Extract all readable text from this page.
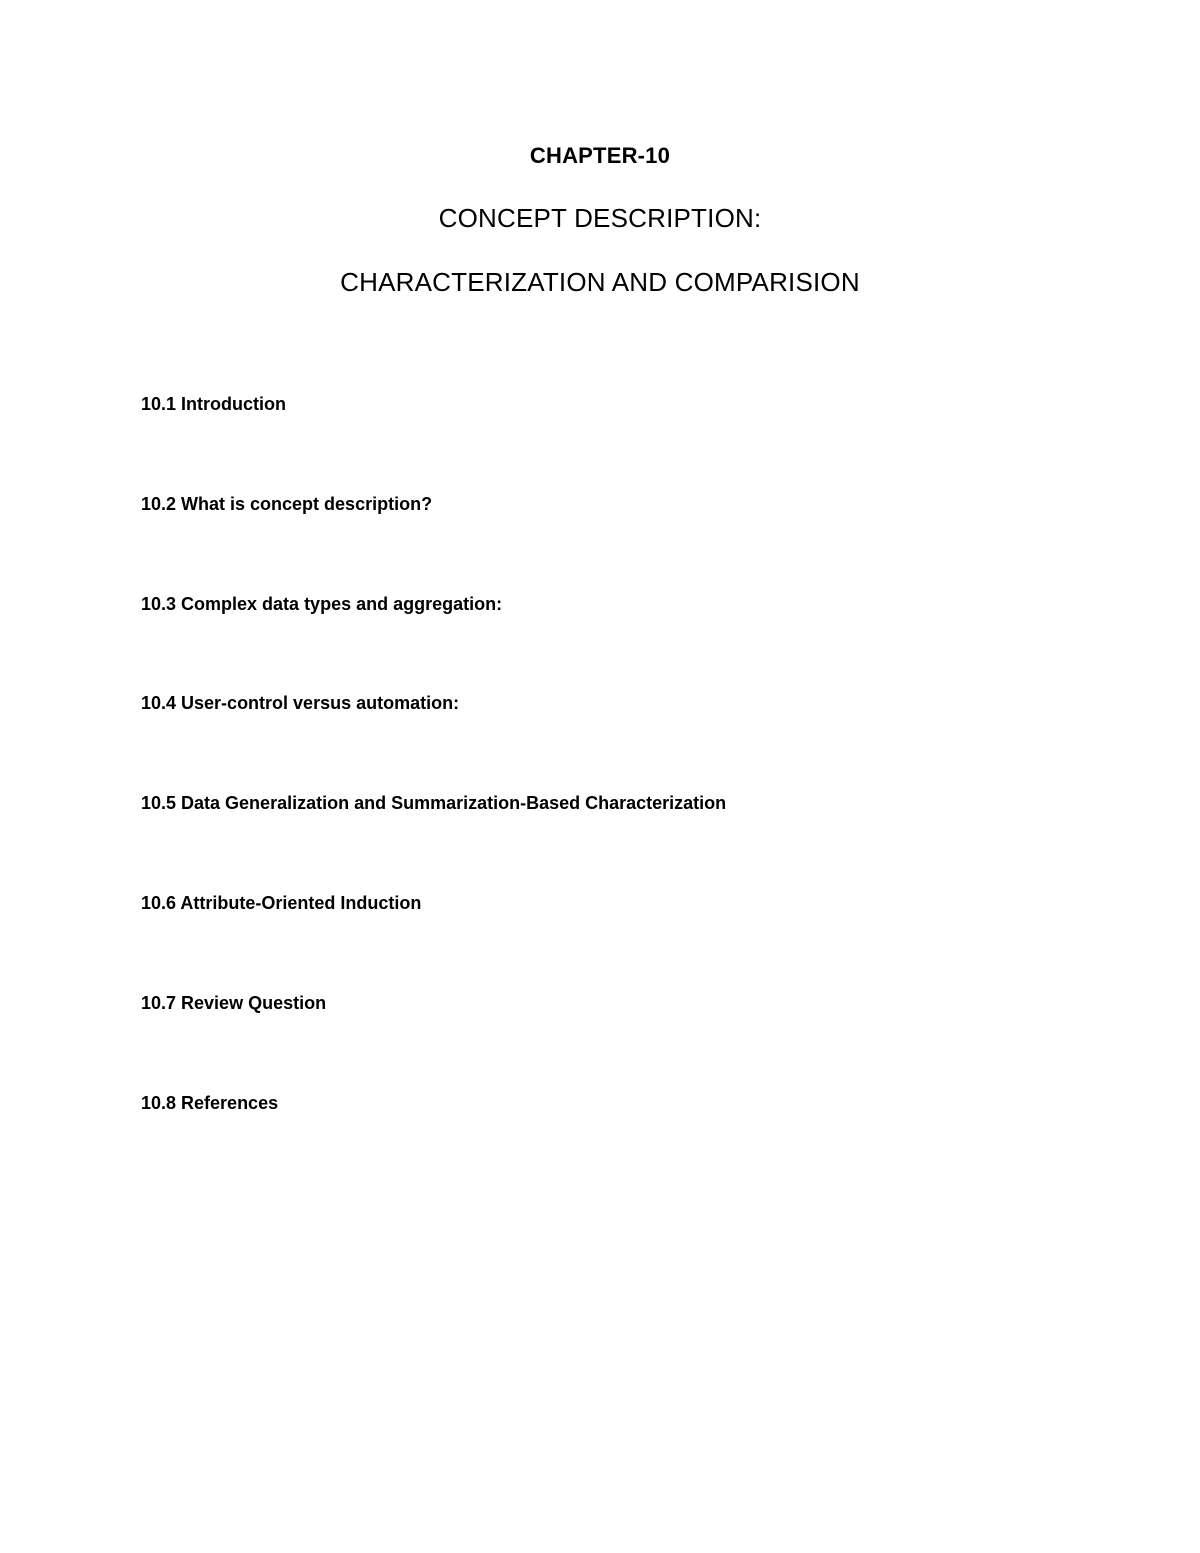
CHAPTER-10
CONCEPT DESCRIPTION:
CHARACTERIZATION AND COMPARISION
10.1 Introduction
10.2 What is concept description?
10.3 Complex data types and aggregation:
10.4 User-control versus automation:
10.5 Data Generalization and Summarization-Based Characterization
10.6 Attribute-Oriented Induction
10.7 Review Question
10.8 References
